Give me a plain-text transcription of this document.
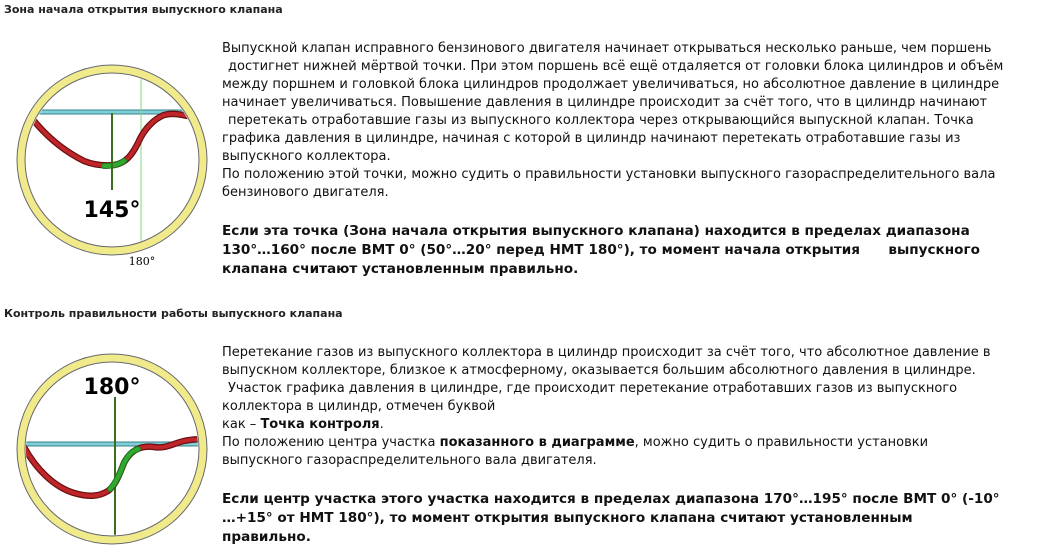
Зона начала открытия выпускного клапана
145°
180°

Выпускной клапан исправного бензинового двигателя начинает открываться несколько раньше, чем поршень

достигнет нижней мёртвой точки. При этом поршень всё ещё отдаляется от головки блока цилиндров и объём

между поршнем и головкой блока цилиндров продолжает увеличиваться, но абсолютное давление в цилиндре

начинает увеличиваться. Повышение давления в цилиндре происходит за счёт того, что в цилиндр начинают

перетекать отработавшие газы из выпускного коллектора через открывающийся выпускной клапан. Точка

графика давления в цилиндре, начиная с которой в цилиндр начинают перетекать отработавшие газы из

выпускного коллектора.

По положению этой точки, можно судить о правильности установки выпускного газораспределительного вала

бензинового двигателя.

Если эта точка (Зона начала открытия выпускного клапана) находится в пределах диапазона

130°…160° после ВМТ 0° (50°…20° перед НМТ 180°), то момент начала открытия      выпускного

клапана считают установленным правильно.

Контроль правильности работы выпускного клапана
180°

Перетекание газов из выпускного коллектора в цилиндр происходит за счёт того, что абсолютное давление в

выпускном коллекторе, близкое к атмосферному, оказывается большим абсолютного давления в цилиндре.

Участок графика давления в цилиндре, где происходит перетекание отработавших газов из выпускного

коллектора в цилиндр, отмечен буквой

как – Точка контроля.

По положению центра участка показанного в диаграмме, можно судить о правильности установки

выпускного газораспределительного вала двигателя.

Если центр участка этого участка находится в пределах диапазона 170°…195° после ВМТ 0° (-10°

…+15° от НМТ 180°), то момент открытия выпускного клапана считают установленным

правильно.
